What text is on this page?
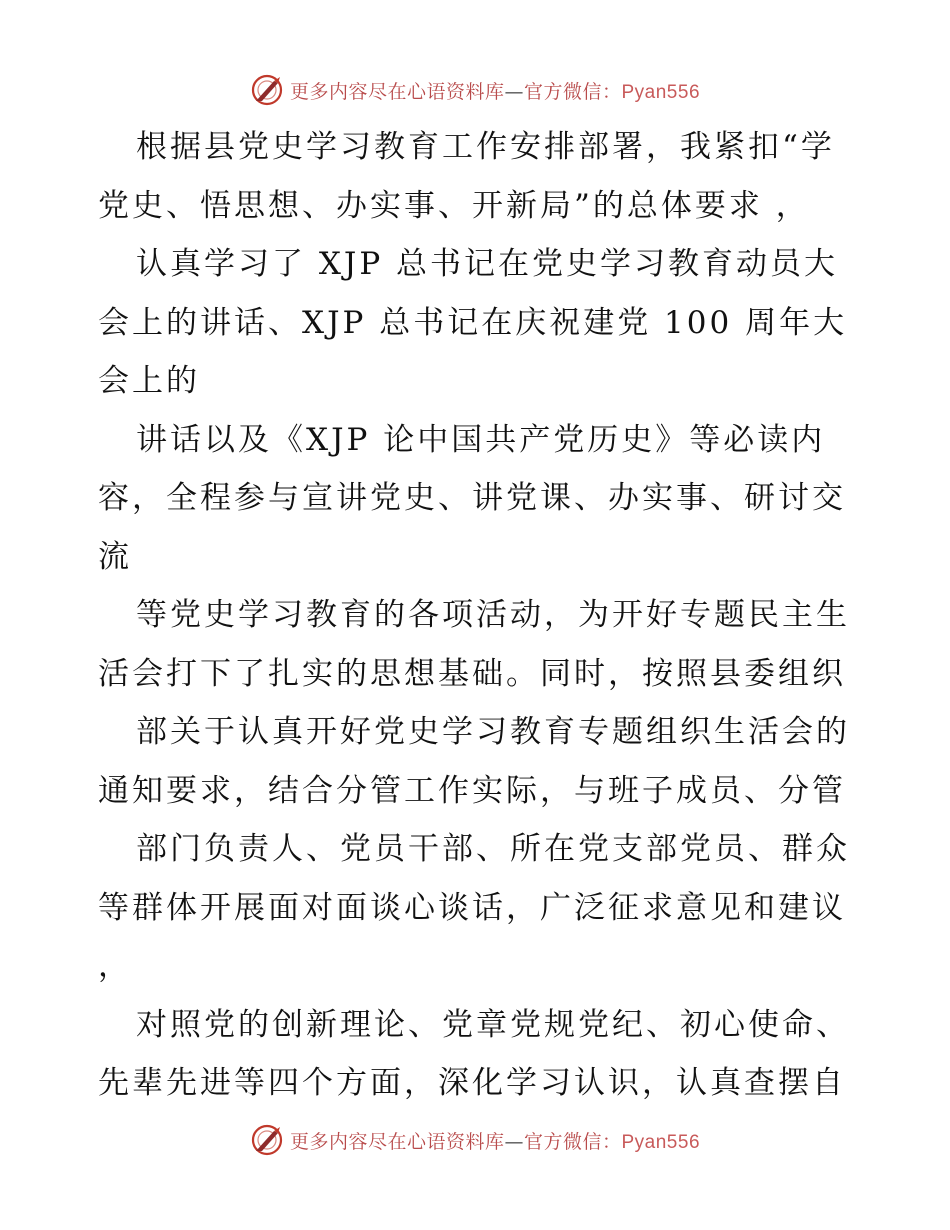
更多内容尽在心语资料库—官方微信：Pyan556
根据县党史学习教育工作安排部署，我紧扣“学
党史、悟思想、办实事、开新局”的总体要求 ，
认真学习了 XJP 总书记在党史学习教育动员大
会上的讲话、XJP 总书记在庆祝建党 100 周年大
会上的
讲话以及《XJP 论中国共产党历史》等必读内
容，全程参与宣讲党史、讲党课、办实事、研讨交
流
等党史学习教育的各项活动，为开好专题民主生
活会打下了扎实的思想基础。同时，按照县委组织
部关于认真开好党史学习教育专题组织生活会的
通知要求，结合分管工作实际，与班子成员、分管
部门负责人、党员干部、所在党支部党员、群众
等群体开展面对面谈心谈话，广泛征求意见和建议
，
对照党的创新理论、党章党规党纪、初心使命、
先辈先进等四个方面，深化学习认识，认真查摆自
更多内容尽在心语资料库—官方微信：Pyan556
